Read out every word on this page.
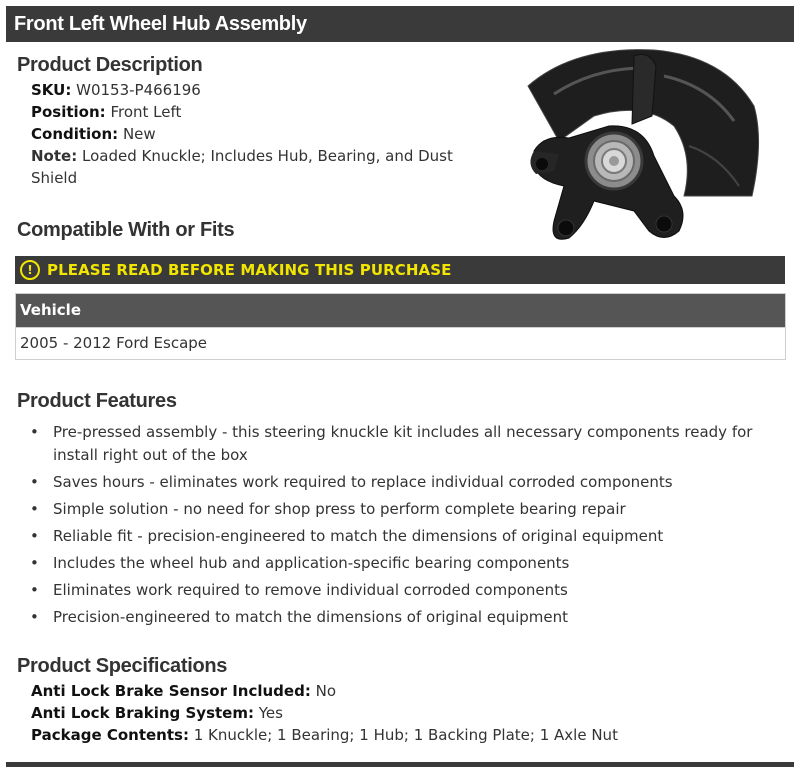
Front Left Wheel Hub Assembly
Product Description
SKU: W0153-P466196
Position: Front Left
Condition: New
Note: Loaded Knuckle; Includes Hub, Bearing, and Dust
Shield
Compatible With or Fits
! PLEASE READ BEFORE MAKING THIS PURCHASE
Vehicle
2005 - 2012 Ford Escape
Product Features
• Pre-pressed assembly - this steering knuckle kit includes all necessary components ready for install right out of the box
• Saves hours - eliminates work required to replace individual corroded components
• Simple solution - no need for shop press to perform complete bearing repair
• Reliable fit - precision-engineered to match the dimensions of original equipment
• Includes the wheel hub and application-specific bearing components
• Eliminates work required to remove individual corroded components
• Precision-engineered to match the dimensions of original equipment
Product Specifications
Anti Lock Brake Sensor Included: No
Anti Lock Braking System: Yes
Package Contents: 1 Knuckle; 1 Bearing; 1 Hub; 1 Backing Plate; 1 Axle Nut
